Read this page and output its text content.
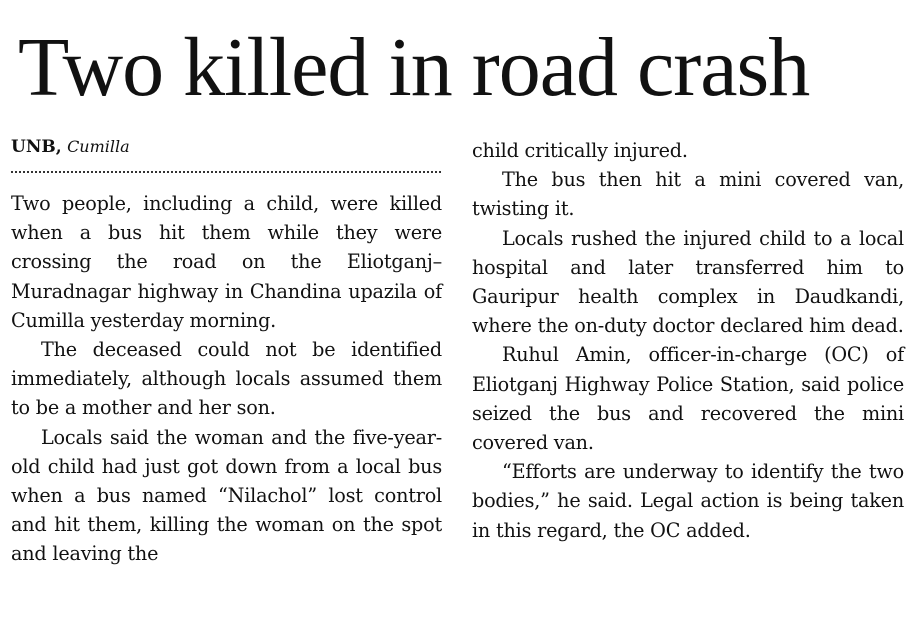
Two killed in road crash
UNB, Cumilla

Two people, including a child, were killed when a bus hit them while they were crossing the road on the Eliotganj–Muradnagar highway in Chandina upazila of Cumilla yesterday morning.

The deceased could not be identified immediately, although locals assumed them to be a mother and her son.

Locals said the woman and the five-year-old child had just got down from a local bus when a bus named “Nilachol” lost control and hit them, killing the woman on the spot and leaving the

child critically injured.

The bus then hit a mini covered van, twisting it.

Locals rushed the injured child to a local hospital and later transferred him to Gauripur health complex in Daudkandi, where the on-duty doctor declared him dead.

Ruhul Amin, officer-in-charge (OC) of Eliotganj Highway Police Station, said police seized the bus and recovered the mini covered van.

“Efforts are underway to identify the two bodies,” he said. Legal action is being taken in this regard, the OC added.
